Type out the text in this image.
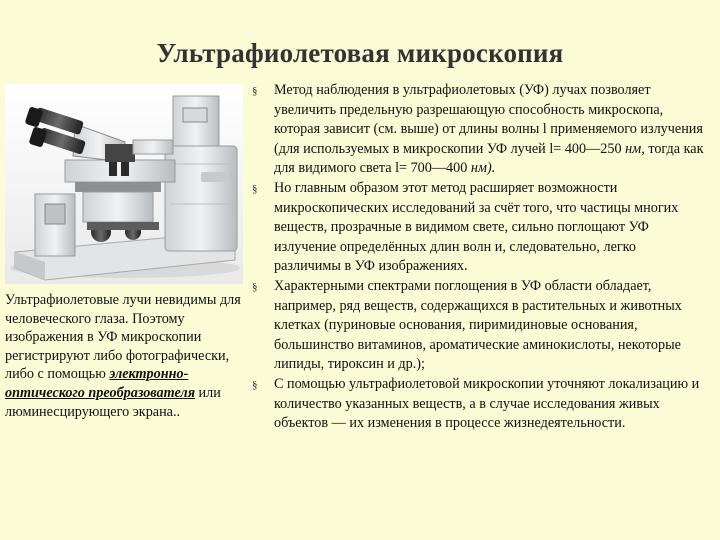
Ультрафиолетовая микроскопия
Ультрафиолетовые лучи невидимы для человеческого глаза. Поэтому изображения в УФ микроскопии регистрируют либо фотографически, либо с помощью электронно-оптического преобразователя или люминесцирующего экрана..
§ Метод наблюдения в ультрафиолетовых (УФ) лучах позволяет увеличить предельную разрешающую способность микроскопа, которая зависит (см. выше) от длины волны l применяемого излучения (для используемых в микроскопии УФ лучей l= 400—250 нм, тогда как для видимого света l= 700—400 нм).
§ Но главным образом этот метод расширяет возможности микроскопических исследований за счёт того, что частицы многих веществ, прозрачные в видимом свете, сильно поглощают УФ излучение определённых длин волн и, следовательно, легко различимы в УФ изображениях.
§ Характерными спектрами поглощения в УФ области обладает, например, ряд веществ, содержащихся в растительных и животных клетках (пуриновые основания, пиримидиновые основания, большинство витаминов, ароматические аминокислоты, некоторые липиды, тироксин и др.);
§ С помощью ультрафиолетовой микроскопии уточняют локализацию и количество указанных веществ, а в случае исследования живых объектов — их изменения в процессе жизнедеятельности.
